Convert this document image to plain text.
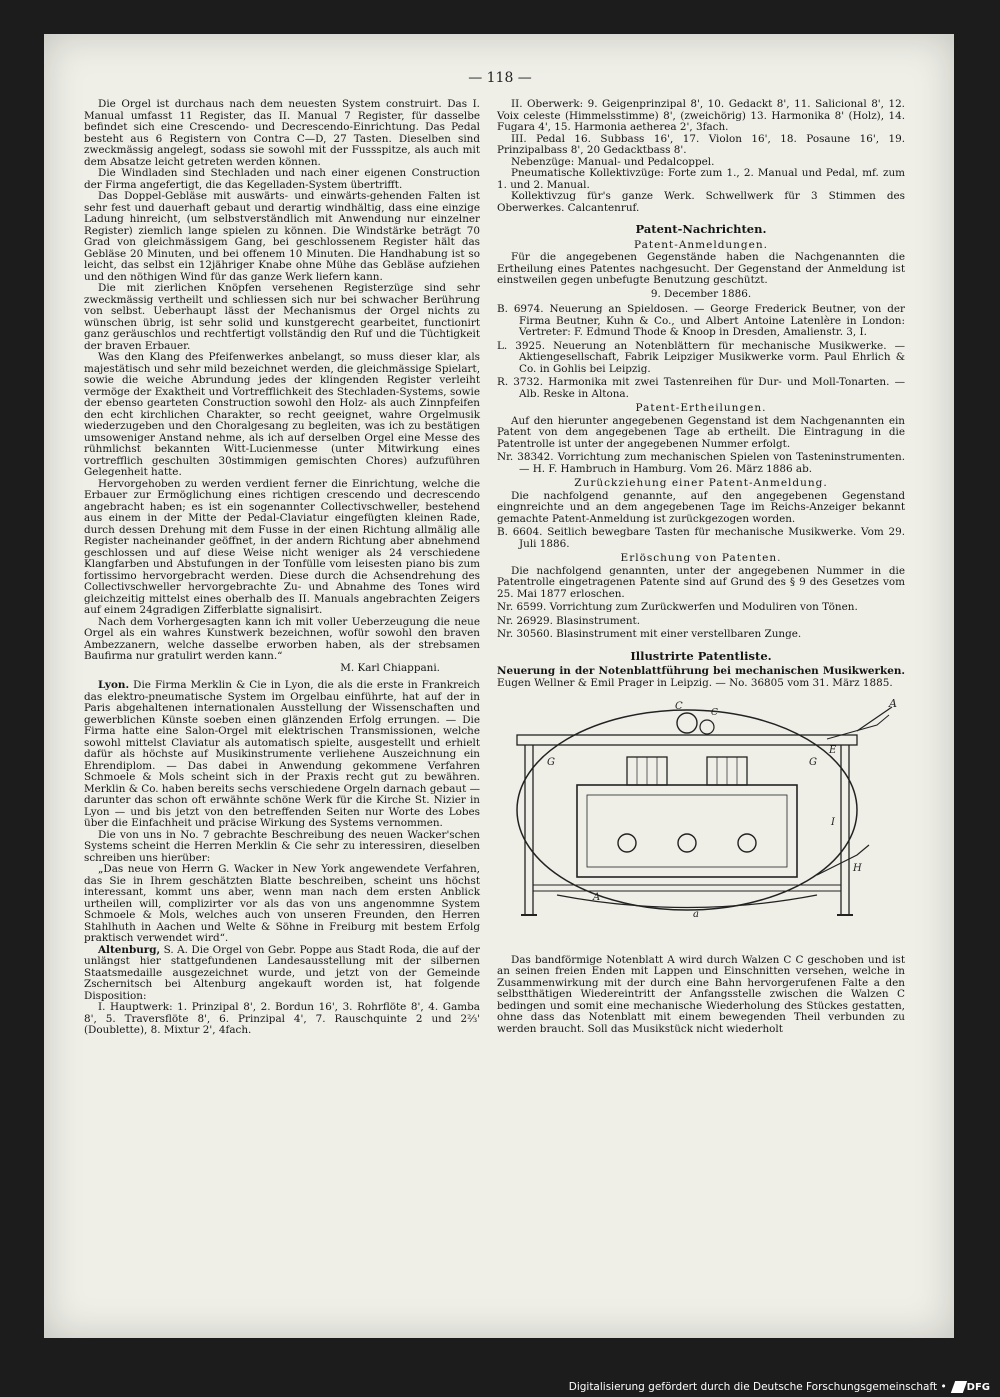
— 118 —

Die Orgel ist durchaus nach dem neuesten System construirt. Das I. Manual umfasst 11 Register, das II. Manual 7 Register, für dasselbe befindet sich eine Crescendo- und Decrescendo-Einrichtung. Das Pedal besteht aus 6 Registern von Contra C—D, 27 Tasten. Dieselben sind zweckmässig angelegt, sodass sie sowohl mit der Fussspitze, als auch mit dem Absatze leicht getreten werden können.

Die Windladen sind Stechladen und nach einer eigenen Construction der Firma angefertigt, die das Kegelladen-System übertrifft.

Das Doppel-Gebläse mit auswärts- und einwärts-gehenden Falten ist sehr fest und dauerhaft gebaut und derartig windhältig, dass eine einzige Ladung hinreicht, (um selbstverständlich mit Anwendung nur einzelner Register) ziemlich lange spielen zu können. Die Windstärke beträgt 70 Grad von gleichmässigem Gang, bei geschlossenem Register hält das Gebläse 20 Minuten, und bei offenem 10 Minuten. Die Handhabung ist so leicht, das selbst ein 12jähriger Knabe ohne Mühe das Gebläse aufziehen und den nöthigen Wind für das ganze Werk liefern kann.

Die mit zierlichen Knöpfen versehenen Registerzüge sind sehr zweckmässig vertheilt und schliessen sich nur bei schwacher Berührung von selbst. Ueberhaupt lässt der Mechanismus der Orgel nichts zu wünschen übrig, ist sehr solid und kunstgerecht gearbeitet, functionirt ganz geräuschlos und rechtfertigt vollständig den Ruf und die Tüchtigkeit der braven Erbauer.

Was den Klang des Pfeifenwerkes anbelangt, so muss dieser klar, als majestätisch und sehr mild bezeichnet werden, die gleichmässige Spielart, sowie die weiche Abrundung jedes der klingenden Register verleiht vermöge der Exaktheit und Vortrefflichkeit des Stechladen-Systems, sowie der ebenso gearteten Construction sowohl den Holz- als auch Zinnpfeifen den echt kirchlichen Charakter, so recht geeignet, wahre Orgelmusik wiederzugeben und den Choralgesang zu begleiten, was ich zu bestätigen umsoweniger Anstand nehme, als ich auf derselben Orgel eine Messe des rühmlichst bekannten Witt-Lucienmesse (unter Mitwirkung eines vortrefflich geschulten 30stimmigen gemischten Chores) aufzuführen Gelegenheit hatte.

Hervorgehoben zu werden verdient ferner die Einrichtung, welche die Erbauer zur Ermöglichung eines richtigen crescendo und decrescendo angebracht haben; es ist ein sogenannter Collectivschweller, bestehend aus einem in der Mitte der Pedal-Claviatur eingefügten kleinen Rade, durch dessen Drehung mit dem Fusse in der einen Richtung allmälig alle Register nacheinander geöffnet, in der andern Richtung aber abnehmend geschlossen und auf diese Weise nicht weniger als 24 verschiedene Klangfarben und Abstufungen in der Tonfülle vom leisesten piano bis zum fortissimo hervorgebracht werden. Diese durch die Achsendrehung des Collectivschweller hervorgebrachte Zu- und Abnahme des Tones wird gleichzeitig mittelst eines oberhalb des II. Manuals angebrachten Zeigers auf einem 24gradigen Zifferblatte signalisirt.

Nach dem Vorhergesagten kann ich mit voller Ueberzeugung die neue Orgel als ein wahres Kunstwerk bezeichnen, wofür sowohl den braven Ambezzanern, welche dasselbe erworben haben, als der strebsamen Baufirma nur gratulirt werden kann.“

M. Karl Chiappani.

Lyon. Die Firma Merklin & Cie in Lyon, die als die erste in Frankreich das elektro-pneumatische System im Orgelbau einführte, hat auf der in Paris abgehaltenen internationalen Ausstellung der Wissenschaften und gewerblichen Künste soeben einen glänzenden Erfolg errungen. — Die Firma hatte eine Salon-Orgel mit elektrischen Transmissionen, welche sowohl mittelst Claviatur als automatisch spielte, ausgestellt und erhielt dafür als höchste auf Musikinstrumente verliehene Auszeichnung ein Ehrendiplom. — Das dabei in Anwendung gekommene Verfahren Schmoele & Mols scheint sich in der Praxis recht gut zu bewähren. Merklin & Co. haben bereits sechs verschiedene Orgeln darnach gebaut — darunter das schon oft erwähnte schöne Werk für die Kirche St. Nizier in Lyon — und bis jetzt von den betreffenden Seiten nur Worte des Lobes über die Einfachheit und präcise Wirkung des Systems vernommen.

Die von uns in No. 7 gebrachte Beschreibung des neuen Wacker'schen Systems scheint die Herren Merklin & Cie sehr zu interessiren, dieselben schreiben uns hierüber:

„Das neue von Herrn G. Wacker in New York angewendete Verfahren, das Sie in Ihrem geschätzten Blatte beschreiben, scheint uns höchst interessant, kommt uns aber, wenn man nach dem ersten Anblick urtheilen will, complizirter vor als das von uns angenommne System Schmoele & Mols, welches auch von unseren Freunden, den Herren Stahlhuth in Aachen und Welte & Söhne in Freiburg mit bestem Erfolg praktisch verwendet wird“.

Altenburg, S. A. Die Orgel von Gebr. Poppe aus Stadt Roda, die auf der unlängst hier stattgefundenen Landesausstellung mit der silbernen Staatsmedaille ausgezeichnet wurde, und jetzt von der Gemeinde Zschernitsch bei Altenburg angekauft worden ist, hat folgende Disposition:

I. Hauptwerk: 1. Prinzipal 8', 2. Bordun 16', 3. Rohrflöte 8', 4. Gamba 8', 5. Traversflöte 8', 6. Prinzipal 4', 7. Rauschquinte 2 und 2⅔' (Doublette), 8. Mixtur 2', 4fach.

II. Oberwerk: 9. Geigenprinzipal 8', 10. Gedackt 8', 11. Salicional 8', 12. Voix celeste (Himmelsstimme) 8', (zweichörig) 13. Harmonika 8' (Holz), 14. Fugara 4', 15. Harmonia aetherea 2', 3fach.

III. Pedal 16. Subbass 16', 17. Violon 16', 18. Posaune 16', 19. Prinzipalbass 8', 20 Gedacktbass 8'.

Nebenzüge: Manual- und Pedalcoppel.

Pneumatische Kollektivzüge: Forte zum 1., 2. Manual und Pedal, mf. zum 1. und 2. Manual.

Kollektivzug für's ganze Werk. Schwellwerk für 3 Stimmen des Oberwerkes. Calcantenruf.

Patent-Nachrichten.
Patent-Anmeldungen.

Für die angegebenen Gegenstände haben die Nachgenannten die Ertheilung eines Patentes nachgesucht. Der Gegenstand der Anmeldung ist einstweilen gegen unbefugte Benutzung geschützt.

9. December 1886.

B. 6974. Neuerung an Spieldosen. — George Frederick Beutner, von der Firma Beutner, Kuhn & Co., und Albert Antoine Latenlère in London: Vertreter: F. Edmund Thode & Knoop in Dresden, Amalienstr. 3, I.

L. 3925. Neuerung an Notenblättern für mechanische Musikwerke. — Aktiengesellschaft, Fabrik Leipziger Musikwerke vorm. Paul Ehrlich & Co. in Gohlis bei Leipzig.

R. 3732. Harmonika mit zwei Tastenreihen für Dur- und Moll-Tonarten. — Alb. Reske in Altona.

Patent-Ertheilungen.

Auf den hierunter angegebenen Gegenstand ist dem Nachgenannten ein Patent von dem angegebenen Tage ab ertheilt. Die Eintragung in die Patentrolle ist unter der angegebenen Nummer erfolgt.

Nr. 38342. Vorrichtung zum mechanischen Spielen von Tasteninstrumenten. — H. F. Hambruch in Hamburg. Vom 26. März 1886 ab.

Zurückziehung einer Patent-Anmeldung.

Die nachfolgend genannte, auf den angegebenen Gegenstand eingnreichte und an dem angegebenen Tage im Reichs-Anzeiger bekannt gemachte Patent-Anmeldung ist zurückgezogen worden.

B. 6604. Seitlich bewegbare Tasten für mechanische Musikwerke. Vom 29. Juli 1886.

Erlöschung von Patenten.

Die nachfolgend genannten, unter der angegebenen Nummer in die Patentrolle eingetragenen Patente sind auf Grund des § 9 des Gesetzes vom 25. Mai 1877 erloschen.

Nr. 6599. Vorrichtung zum Zurückwerfen und Moduliren von Tönen.

Nr. 26929. Blasinstrument.

Nr. 30560. Blasinstrument mit einer verstellbaren Zunge.

Illustrirte Patentliste.

Neuerung in der Notenblattführung bei mechanischen Musikwerken. Eugen Wellner & Emil Prager in Leipzig. — No. 36805 vom 31. März 1885.

A
C
C
G	G
E
A
a
H
I

Das bandförmige Notenblatt A wird durch Walzen C C geschoben und ist an seinen freien Enden mit Lappen und Einschnitten versehen, welche in Zusammenwirkung mit der durch eine Bahn hervorgerufenen Falte a den selbstthätigen Wiedereintritt der Anfangsstelle zwischen die Walzen C bedingen und somit eine mechanische Wiederholung des Stückes gestatten, ohne dass das Notenblatt mit einem bewegenden Theil verbunden zu werden braucht. Soll das Musikstück nicht wiederholt

Digitalisierung gefördert durch die Deutsche Forschungsgemeinschaft • DFG
